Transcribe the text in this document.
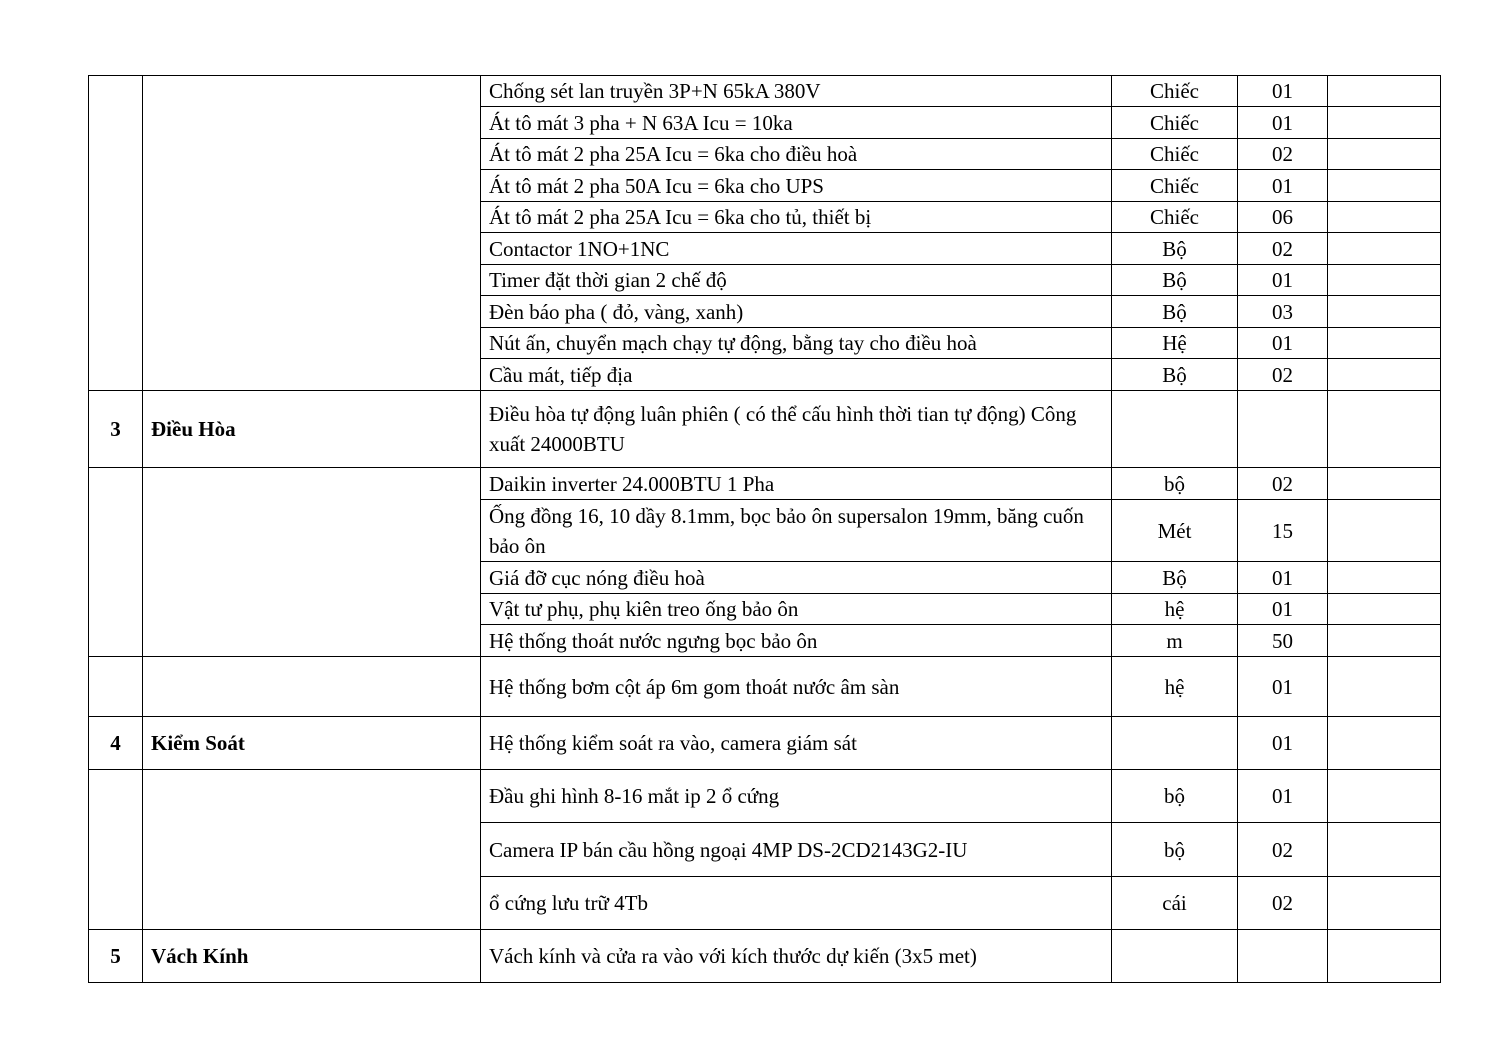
		Chống sét lan truyền 3P+N 65kA 380V	Chiếc	01	
		Át tô mát 3 pha + N 63A Icu = 10ka	Chiếc	01	
		Át tô mát 2 pha 25A Icu = 6ka cho điều hoà	Chiếc	02	
		Át tô mát 2 pha 50A Icu = 6ka cho UPS	Chiếc	01	
		Át tô mát 2 pha 25A Icu = 6ka cho tủ, thiết bị	Chiếc	06	
		Contactor 1NO+1NC	Bộ	02	
		Timer đặt thời gian 2 chế độ	Bộ	01	
		Đèn báo pha ( đỏ, vàng, xanh)	Bộ	03	
		Nút ấn, chuyển mạch chạy tự động, bằng tay cho điều hoà	Hệ	01	
		Cầu mát, tiếp địa	Bộ	02	
3	Điều Hòa	Điều hòa tự động luân phiên ( có thể cấu hình thời tian tự động) Công xuất 24000BTU			
		Daikin inverter 24.000BTU 1 Pha	bộ	02	
		Ống đồng 16, 10 dầy 8.1mm, bọc bảo ôn supersalon 19mm, băng cuốn bảo ôn	Mét	15	
		Giá đỡ cục nóng điều hoà	Bộ	01	
		Vật tư phụ, phụ kiên treo ống bảo ôn	hệ	01	
		Hệ thống thoát nước ngưng bọc bảo ôn	m	50	
		Hệ thống bơm cột áp 6m gom thoát nước âm sàn	hệ	01	
4	Kiểm Soát	Hệ thống kiểm soát ra vào, camera giám sát		01	
		Đầu ghi hình 8-16 mắt ip 2 ổ cứng	bộ	01	
		Camera IP bán cầu hồng ngoại 4MP DS-2CD2143G2-IU	bộ	02	
		ổ cứng lưu trữ 4Tb	cái	02	
5	Vách Kính	Vách kính và cửa ra vào với kích thước dự kiến (3x5 met)			
